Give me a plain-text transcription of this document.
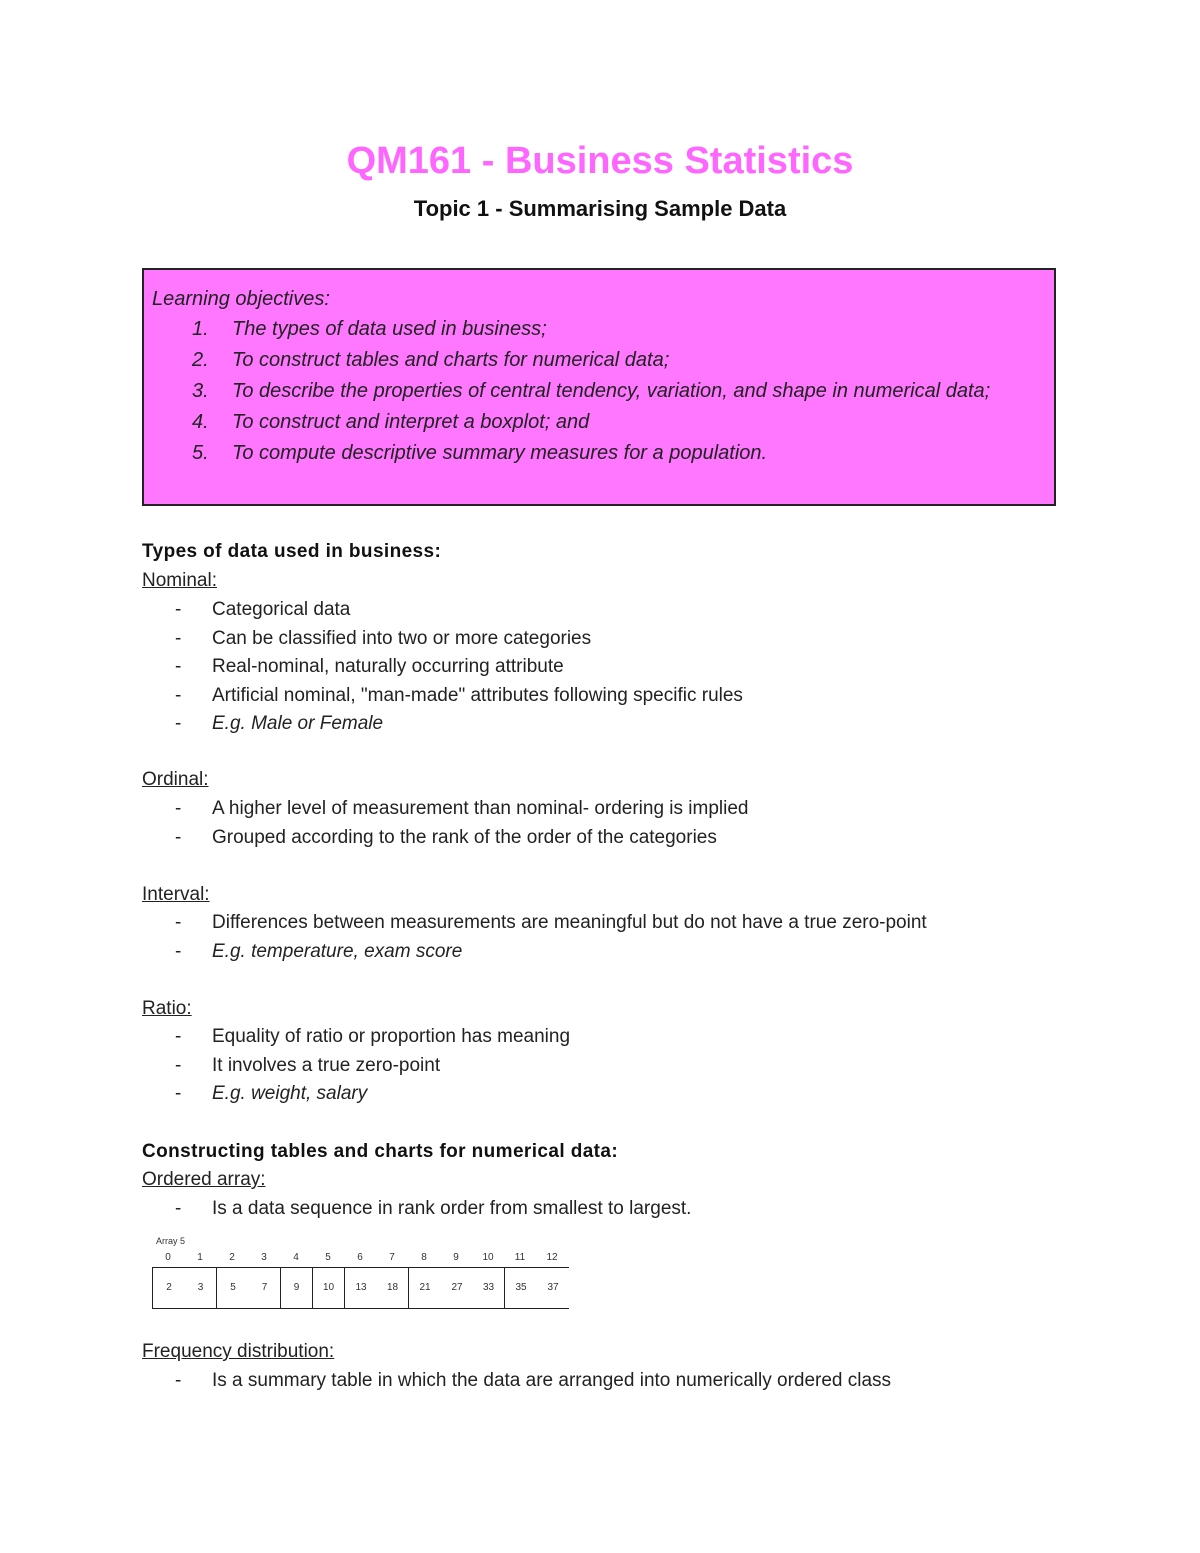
QM161 - Business Statistics
Topic 1 - Summarising Sample Data
Learning objectives:
1.	The types of data used in business;
2.	To construct tables and charts for numerical data;
3.	To describe the properties of central tendency, variation, and shape in numerical data;
4.	To construct and interpret a boxplot; and
5.	To compute descriptive summary measures for a population.
Types of data used in business:
Nominal:
- Categorical data
- Can be classified into two or more categories
- Real-nominal, naturally occurring attribute
- Artificial nominal, "man-made" attributes following specific rules
- E.g. Male or Female
Ordinal:
- A higher level of measurement than nominal- ordering is implied
- Grouped according to the rank of the order of the categories
Interval:
- Differences between measurements are meaningful but do not have a true zero-point
- E.g. temperature, exam score
Ratio:
- Equality of ratio or proportion has meaning
- It involves a true zero-point
- E.g. weight, salary
Constructing tables and charts for numerical data:
Ordered array:
- Is a data sequence in rank order from smallest to largest.
Array 5
0	1	2	3	4	5	6	7	8	9	10	11	12
2	3	5	7	9	10	13	18	21	27	33	35	37
Frequency distribution:
- Is a summary table in which the data are arranged into numerically ordered class
